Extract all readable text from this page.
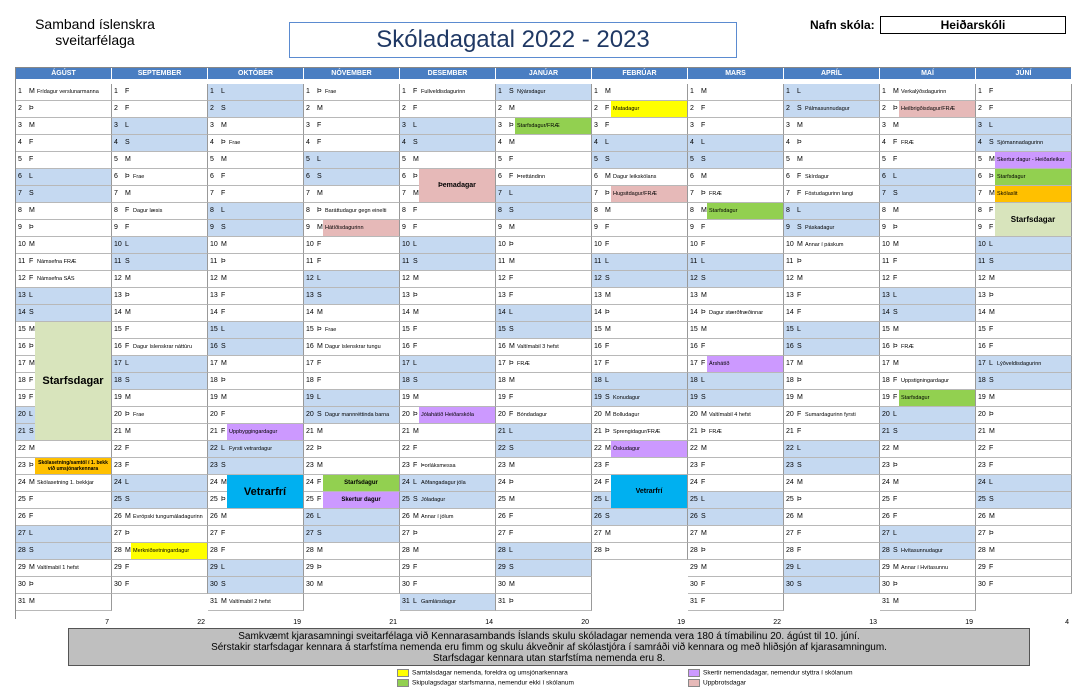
Samband íslenskra
sveitarfélaga	Skóladagatal 2022 - 2023
Nafn skóla:	Heiðarskóli
ÁGÚST
1 M Frídagur verslunarmanna
2 Þ
3 M
4 F
5 F
6 L
7 S
8 M
9 Þ
10 M
11 F Námsefna FRÆ
12 F Námsefna SÁS
13 L
14 S
15 M
16 Þ
17 M
18 F
19 F
20 L
21 S
22 M
23 Þ
24 M Skólasetning 1. bekkjar
25 F
26 F
27 L
28 S
29 M Valtímabil 1 hefst
30 Þ
31 M
SEPTEMBER
1 F
2 F
3 L
4 S
5 M
6 Þ Frae
7 M
8 F Dagur læsis
9 F
10 L
11 S
12 M
13 Þ
14 M
15 F
16 F Dagur íslenskrar náttúru
17 L
18 S
19 M
20 Þ Frae
21 M
22 F
23 F
24 L
25 S
26 M Evrópski tungumáladagurinn
27 Þ
28 M Merkniðsetningardagur
29 F
30 F
OKTÓBER
1 L
2 S
3 M
4 Þ Frae
5 M
6 F
7 F
8 L
9 S
10 M
11 Þ
12 M
13 F
14 F
15 L
16 S
17 M
18 Þ
19 M
20 F
21 F Uppbyggingardagur
22 L Fyrsti vetrardagur
23 S
24 M
25 Þ
26 M
27 F
28 F
29 L
30 S
31 M Valtímabil 2 hefst
NÓVEMBER
1 Þ Frae
2 M
3 F
4 F
5 L
6 S
7 M
8 Þ Baráttudagur gegn einelti
9 M Hátíðisdagurinn
10 F
11 F
12 L
13 S
14 M
15 Þ Frae
16 M Dagur íslenskrar tungu
17 F
18 F
19 L
20 S Dagur mannréttinda barna
21 M
22 Þ
23 M
24 F
25 F
26 L
27 S
28 M
29 Þ
30 M
DESEMBER
1 F Fullveldisdagurinn
2 F
3 L
4 S
5 M
6 Þ
7 M
8 F
9 F
10 L
11 S
12 M
13 Þ
14 M
15 F
16 F
17 L
18 S
19 M
20 Þ Jólahátíð Heiðarskóla
21 M
22 F
23 F Þorláksmessa
24 L Aðfangadagur jóla
25 S Jóladagur
26 M Annar í jólum
27 Þ
28 M
29 F
30 F
31 L Gamlársdagur
JANÚAR
1 S Nýársdagur
2 M
3 Þ Starfsdagur/FRÆ
4 M
5 F
6 F Þrettándinn
7 L
8 S
9 M
10 Þ
11 M
12 F
13 F
14 L
15 S
16 M Valtímabil 3 hefst
17 Þ FRÆ
18 M
19 F
20 F Bóndadagur
21 L
22 S
23 M
24 Þ
25 M
26 F
27 F
28 L
29 S
30 M
31 Þ
FEBRÚAR
1 M
2 F Matadagur
3 F
4 L
5 S
6 M Dagur leikskólans
7 Þ Hugsitdagur/FRÆ
8 M
9 F
10 F
11 L
12 S
13 M
14 Þ
15 M
16 F
17 F
18 L
19 S Konudagur
20 M Bolludagur
21 Þ Sprengidagur/FRÆ
22 M Öskudagur
23 F
24 F
25 L
26 S
27 M
28 Þ
MARS
1 M
2 F
3 F
4 L
5 S
6 M
7 Þ FRÆ
8 M Starfsdagur
9 F
10 F
11 L
12 S
13 M
14 Þ Dagur stærðfræðinnar
15 M
16 F
17 F Árshátíð
18 L
19 S
20 M Valtímabil 4 hefst
21 Þ FRÆ
22 M
23 F
24 F
25 L
26 S
27 M
28 Þ
29 M
30 F
31 F
APRÍL
1 L
2 S Pálmasunnudagur
3 M
4 Þ
5 M
6 F Skírdagur
7 F Föstudagurinn langi
8 L
9 S Páskadagur
10 M Annar í páskum
11 Þ
12 M
13 F
14 F
15 L
16 S
17 M
18 Þ
19 M
20 F Sumardagurinn fyrsti
21 F
22 L
23 S
24 M
25 Þ
26 M
27 F
28 F
29 L
30 S
MAÍ
1 M Verkalýðsdagurinn
2 Þ Heilbrigðisdagur/FRÆ
3 M
4 F FRÆ
5 F
6 L
7 S
8 M
9 Þ
10 M
11 F
12 F
13 L
14 S
15 M
16 Þ FRÆ
17 M
18 F Uppstigningardagur
19 F Starfsdagur
20 L
21 S
22 M
23 Þ
24 M
25 F
26 F
27 L
28 S Hvítasunnudagur
29 M Annar í Hvítasunnu
30 Þ
31 M
JÚNÍ
1 F
2 F
3 L
4 S Sjómannadagurinn
5 M Skertur dagur - Heiðarleikar
6 Þ Starfsdagur
7 M Skólaslit
8 F
9 F
10 L
11 S
12 M
13 Þ
14 M
15 F
16 F
17 L Lýðveldisdagurinn
18 S
19 M
20 Þ
21 M
22 F
23 F
24 L
25 S
26 M
27 Þ
28 M
29 F
30 F
Starfsdagar
Skólasetning/samtöl í 1. bekk við umsjónarkennara
Vetrarfrí
Starfsdagur
Skertur dagur
Þemadagar
Vetrarfrí
Starfsdagar
7	22	19	21	14	20	19	22	13	19	4
Samkvæmt kjarasamningi sveitarfélaga við Kennarasambands Íslands skulu skóladagar nemenda vera 180 á tímabilinu 20. ágúst til 10. júní.
Sérstakir starfsdagar kennara á starfstíma nemenda eru fimm og skulu ákveðnir af skólastjóra í samráði við kennara og með hliðsjón af kjarasamningum.
Starfsdagar kennara utan starfstíma nemenda eru 8.
Samtalsdagar nemenda, foreldra og umsjónarkennara
Skipulagsdagar starfsmanna, nemendur ekki í skólanum
Skertir nemendadagar, nemendur styttra í skólanum
Uppbrotsdagar
